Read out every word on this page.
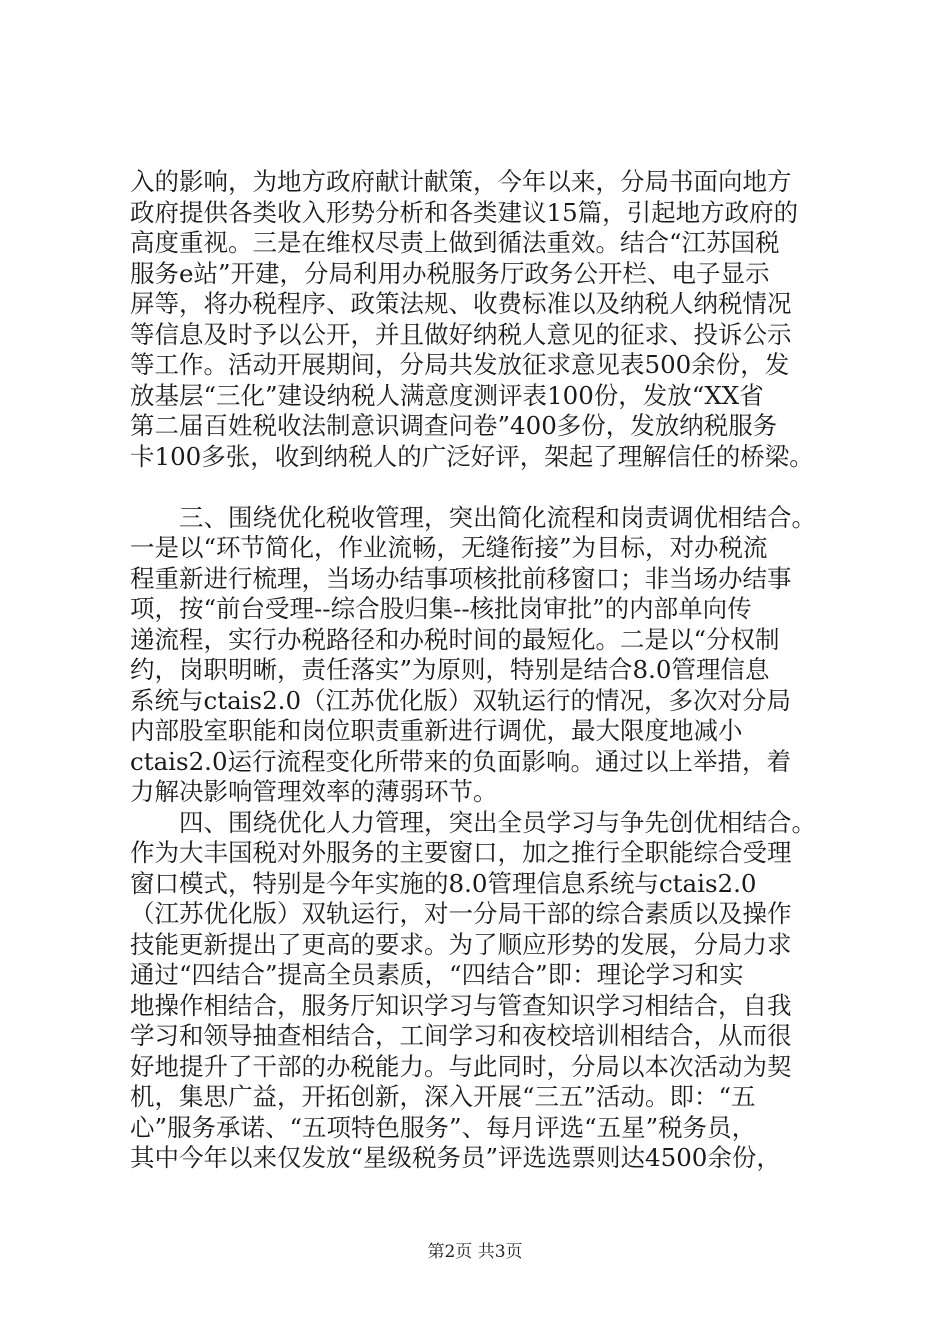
入的影响，为地方政府献计献策，今年以来，分局书面向地方
政府提供各类收入形势分析和各类建议15篇，引起地方政府的
高度重视。三是在维权尽责上做到循法重效。结合“江苏国税
服务e站”开建，分局利用办税服务厅政务公开栏、电子显示
屏等，将办税程序、政策法规、收费标准以及纳税人纳税情况
等信息及时予以公开，并且做好纳税人意见的征求、投诉公示
等工作。活动开展期间，分局共发放征求意见表500余份，发
放基层“三化”建设纳税人满意度测评表100份，发放“XX省
第二届百姓税收法制意识调查问卷”400多份，发放纳税服务
卡100多张，收到纳税人的广泛好评，架起了理解信任的桥梁。
　　三、围绕优化税收管理，突出简化流程和岗责调优相结合。
一是以“环节简化，作业流畅，无缝衔接”为目标，对办税流
程重新进行梳理，当场办结事项核批前移窗口；非当场办结事
项，按“前台受理--综合股归集--核批岗审批”的内部单向传
递流程，实行办税路径和办税时间的最短化。二是以“分权制
约，岗职明晰，责任落实”为原则，特别是结合8.0管理信息
系统与ctais2.0（江苏优化版）双轨运行的情况，多次对分局
内部股室职能和岗位职责重新进行调优，最大限度地减小
ctais2.0运行流程变化所带来的负面影响。通过以上举措，着
力解决影响管理效率的薄弱环节。
　　四、围绕优化人力管理，突出全员学习与争先创优相结合。
作为大丰国税对外服务的主要窗口，加之推行全职能综合受理
窗口模式，特别是今年实施的8.0管理信息系统与ctais2.0
（江苏优化版）双轨运行，对一分局干部的综合素质以及操作
技能更新提出了更高的要求。为了顺应形势的发展，分局力求
通过“四结合”提高全员素质，“四结合”即：理论学习和实
地操作相结合，服务厅知识学习与管查知识学习相结合，自我
学习和领导抽查相结合，工间学习和夜校培训相结合，从而很
好地提升了干部的办税能力。与此同时，分局以本次活动为契
机，集思广益，开拓创新，深入开展“三五”活动。即：“五
心”服务承诺、“五项特色服务”、每月评选“五星”税务员，
其中今年以来仅发放“星级税务员”评选选票则达4500余份，
第2页 共3页
